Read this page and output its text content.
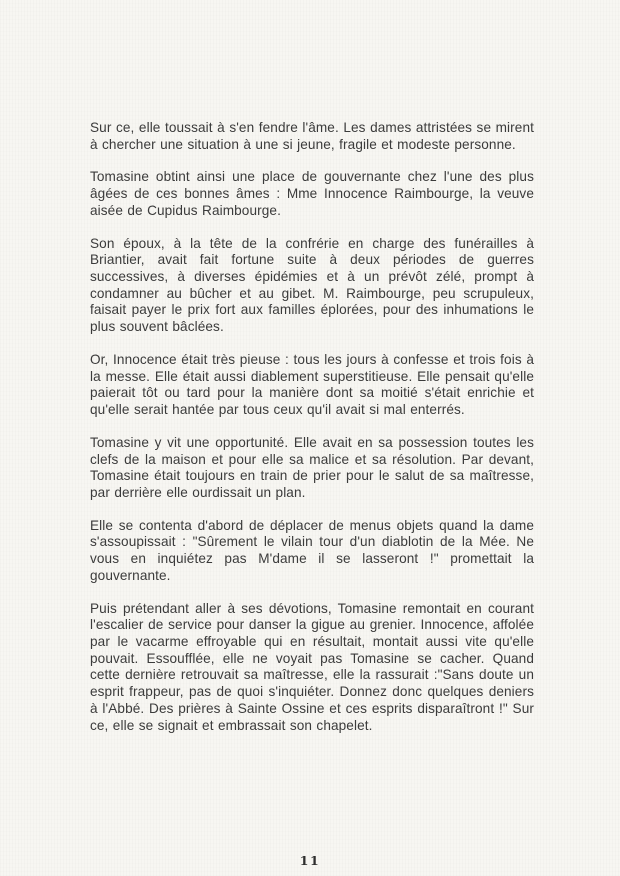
Sur ce, elle toussait à s'en fendre l'âme. Les dames attristées se mirent à chercher une situation à une si jeune, fragile et modeste personne.

Tomasine obtint ainsi une place de gouvernante chez l'une des plus âgées de ces bonnes âmes : Mme Innocence Raimbourge, la veuve aisée de Cupidus Raimbourge.

Son époux, à la tête de la confrérie en charge des funérailles à Briantier, avait fait fortune suite à deux périodes de guerres successives, à diverses épidémies et à un prévôt zélé, prompt à condamner au bûcher et au gibet. M. Raimbourge, peu scrupuleux, faisait payer le prix fort aux familles éplorées, pour des inhumations le plus souvent bâclées.

Or, Innocence était très pieuse : tous les jours à confesse et trois fois à la messe. Elle était aussi diablement superstitieuse. Elle pensait qu'elle paierait tôt ou tard pour la manière dont sa moitié s'était enrichie et qu'elle serait hantée par tous ceux qu'il avait si mal enterrés.

Tomasine y vit une opportunité. Elle avait en sa possession toutes les clefs de la maison et pour elle sa malice et sa résolution. Par devant, Tomasine était toujours en train de prier pour le salut de sa maîtresse, par derrière elle ourdissait un plan.

Elle se contenta d'abord de déplacer de menus objets quand la dame s'assoupissait : "Sûrement le vilain tour d'un diablotin de la Mée. Ne vous en inquiétez pas M'dame il se lasseront !" promettait la gouvernante.

Puis prétendant aller à ses dévotions, Tomasine remontait en courant l'escalier de service pour danser la gigue au grenier. Innocence, affolée par le vacarme effroyable qui en résultait, montait aussi vite qu'elle pouvait. Essoufflée, elle ne voyait pas Tomasine se cacher. Quand cette dernière retrouvait sa maîtresse, elle la rassurait :"Sans doute un esprit frappeur, pas de quoi s'inquiéter. Donnez donc quelques deniers à l'Abbé. Des prières à Sainte Ossine et ces esprits disparaîtront !" Sur ce, elle se signait et embrassait son chapelet.

11
